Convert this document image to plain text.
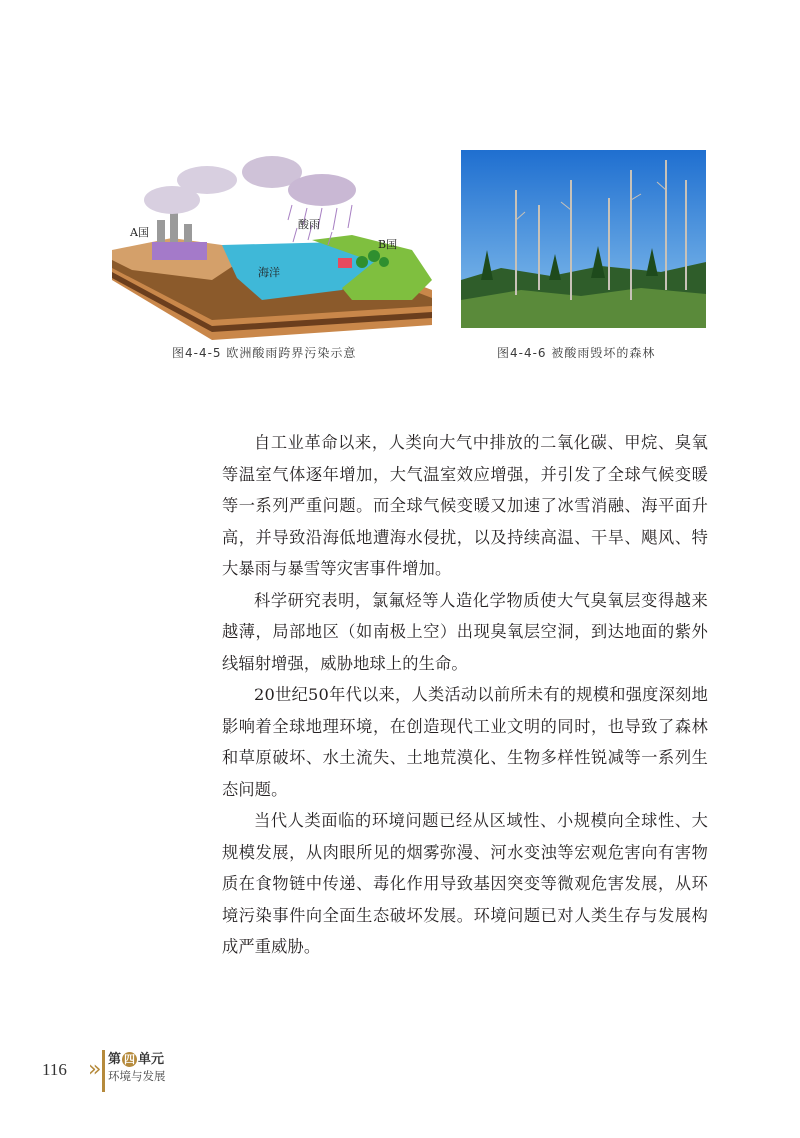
A国
酸雨
B国
海洋
图4-4-5 欧洲酸雨跨界污染示意	图4-4-6 被酸雨毁坏的森林

自工业革命以来，人类向大气中排放的二氧化碳、甲烷、臭氧等温室气体逐年增加，大气温室效应增强，并引发了全球气候变暖等一系列严重问题。而全球气候变暖又加速了冰雪消融、海平面升高，并导致沿海低地遭海水侵扰，以及持续高温、干旱、飓风、特大暴雨与暴雪等灾害事件增加。

科学研究表明，氯氟烃等人造化学物质使大气臭氧层变得越来越薄，局部地区（如南极上空）出现臭氧层空洞，到达地面的紫外线辐射增强，威胁地球上的生命。

20世纪50年代以来，人类活动以前所未有的规模和强度深刻地影响着全球地理环境，在创造现代工业文明的同时，也导致了森林和草原破坏、水土流失、土地荒漠化、生物多样性锐减等一系列生态问题。

当代人类面临的环境问题已经从区域性、小规模向全球性、大规模发展，从肉眼所见的烟雾弥漫、河水变浊等宏观危害向有害物质在食物链中传递、毒化作用导致基因突变等微观危害发展，从环境污染事件向全面生态破坏发展。环境问题已对人类生存与发展构成严重威胁。

116 » 第 四 单元
环境与发展
